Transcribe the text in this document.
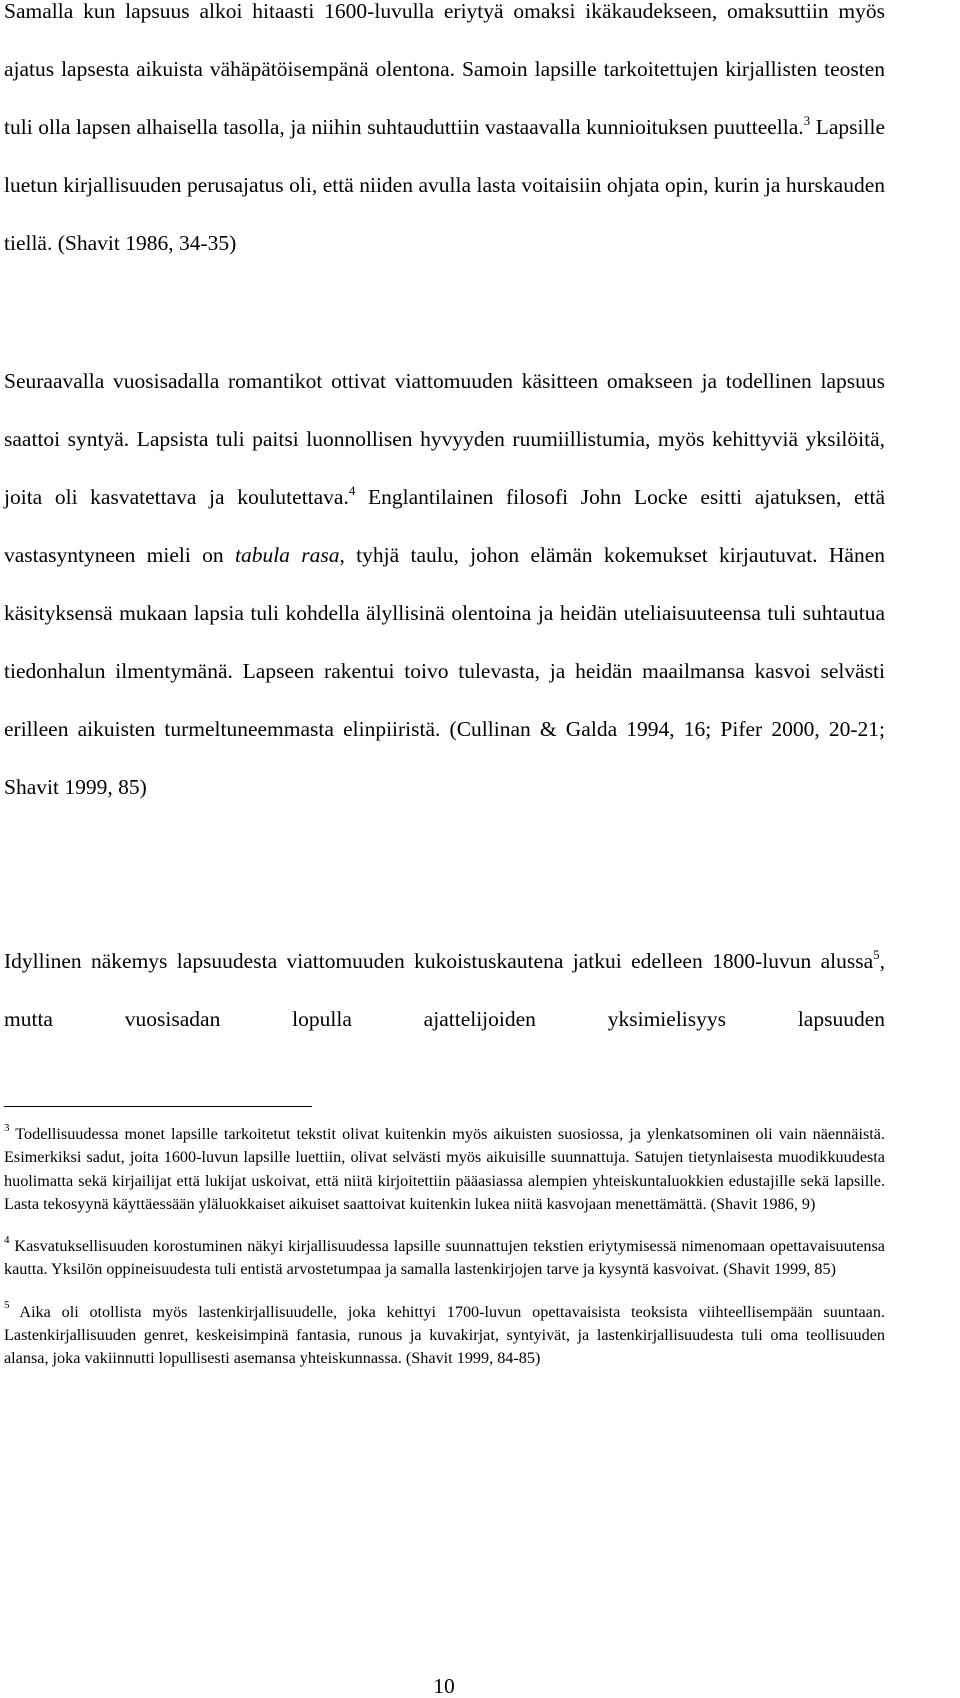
Samalla kun lapsuus alkoi hitaasti 1600-luvulla eriytyä omaksi ikäkaudekseen, omaksuttiin myös ajatus lapsesta aikuista vähäpätöisempänä olentona. Samoin lapsille tarkoitettujen kirjallisten teosten tuli olla lapsen alhaisella tasolla, ja niihin suhtauduttiin vastaavalla kunnioituksen puutteella.$^3$ Lapsille luetun kirjallisuuden perusajatus oli, että niiden avulla lasta voitaisiin ohjata opin, kurin ja hurskauden tiellä. (Shavit 1986, 34-35)

Seuraavalla vuosisadalla romantikot ottivat viattomuuden käsitteen omakseen ja todellinen lapsuus saattoi syntyä. Lapsista tuli paitsi luonnollisen hyvyyden ruumiillistumia, myös kehittyviä yksilöitä, joita oli kasvatettava ja koulutettava.$^4$ Englantilainen filosofi John Locke esitti ajatuksen, että vastasyntyneen mieli on tabula rasa, tyhjä taulu, johon elämän kokemukset kirjautuvat. Hänen käsityksensä mukaan lapsia tuli kohdella älyllisinä olentoina ja heidän uteliaisuuteensa tuli suhtautua tiedonhalun ilmentymänä. Lapseen rakentui toivo tulevasta, ja heidän maailmansa kasvoi selvästi erilleen aikuisten turmeltuneemmasta elinpiiristä. (Cullinan & Galda 1994, 16; Pifer 2000, 20-21; Shavit 1999, 85)

Idyllinen näkemys lapsuudesta viattomuuden kukoistuskautena jatkui edelleen 1800-luvun alussa$^5$, mutta vuosisadan lopulla ajattelijoiden yksimielisyys lapsuuden

$^3$ Todellisuudessa monet lapsille tarkoitetut tekstit olivat kuitenkin myös aikuisten suosiossa, ja ylenkatsominen oli vain näennäistä. Esimerkiksi sadut, joita 1600-luvun lapsille luettiin, olivat selvästi myös aikuisille suunnattuja. Satujen tietynlaisesta muodikkuudesta huolimatta sekä kirjailijat että lukijat uskoivat, että niitä kirjoitettiin pääasiassa alempien yhteiskuntaluokkien edustajille sekä lapsille. Lasta tekosyynä käyttäessään yläluokkaiset aikuiset saattoivat kuitenkin lukea niitä kasvojaan menettämättä. (Shavit 1986, 9)

$^4$ Kasvatuksellisuuden korostuminen näkyi kirjallisuudessa lapsille suunnattujen tekstien eriytymisessä nimenomaan opettavaisuutensa kautta. Yksilön oppineisuudesta tuli entistä arvostetumpaa ja samalla lastenkirjojen tarve ja kysyntä kasvoivat. (Shavit 1999, 85)

$^5$ Aika oli otollista myös lastenkirjallisuudelle, joka kehittyi 1700-luvun opettavaisista teoksista viihteellisempään suuntaan. Lastenkirjallisuuden genret, keskeisimpinä fantasia, runous ja kuvakirjat, syntyivät, ja lastenkirjallisuudesta tuli oma teollisuuden alansa, joka vakiinnutti lopullisesti asemansa yhteiskunnassa. (Shavit 1999, 84-85)

10
